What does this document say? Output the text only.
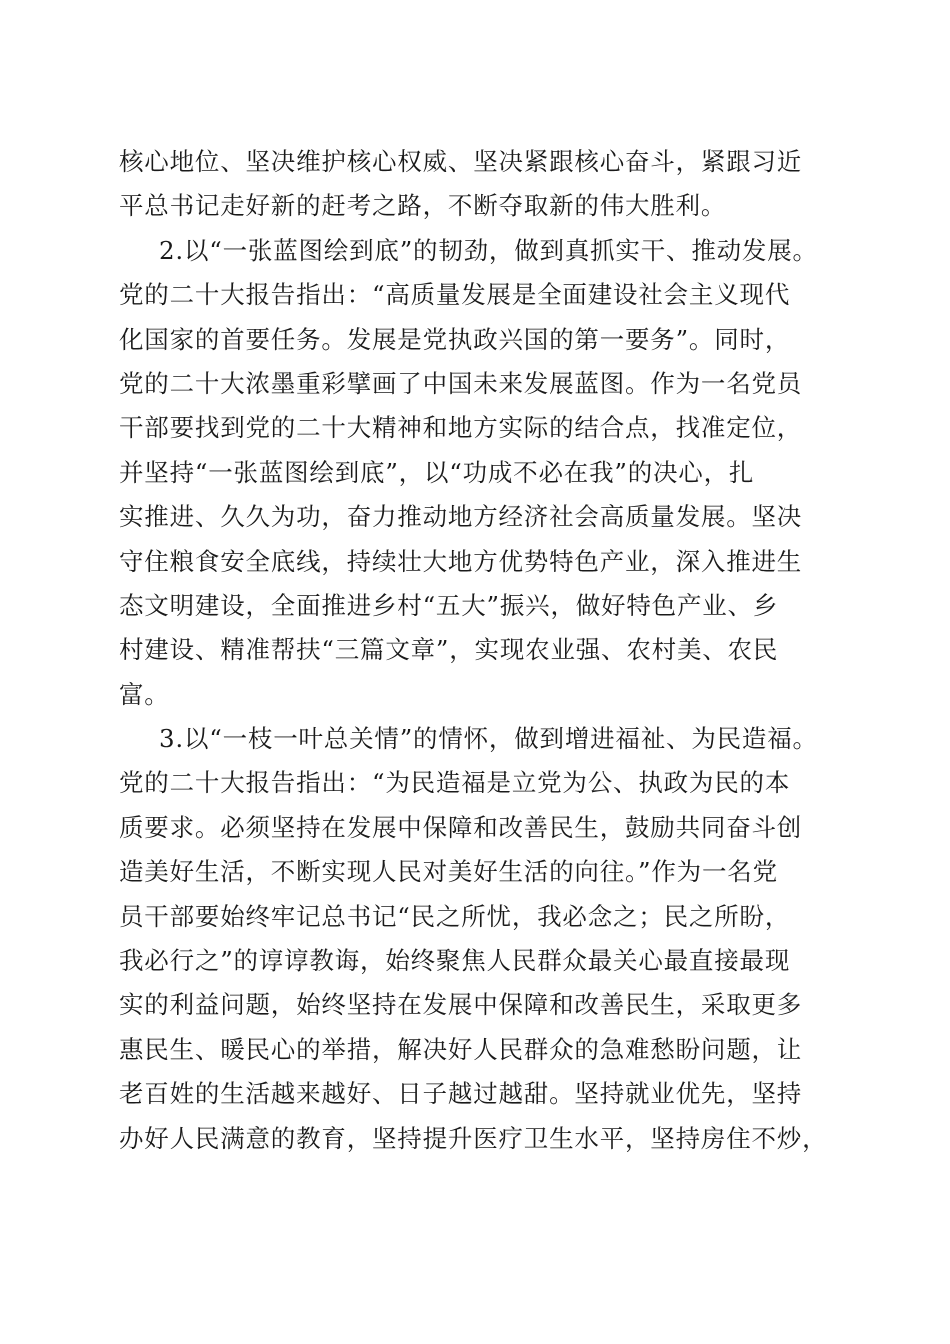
核心地位、坚决维护核心权威、坚决紧跟核心奋斗，紧跟习近
平总书记走好新的赶考之路，不断夺取新的伟大胜利。
2.以“一张蓝图绘到底”的韧劲，做到真抓实干、推动发展。
党的二十大报告指出：“高质量发展是全面建设社会主义现代
化国家的首要任务。发展是党执政兴国的第一要务”。同时，
党的二十大浓墨重彩擘画了中国未来发展蓝图。作为一名党员
干部要找到党的二十大精神和地方实际的结合点，找准定位，
并坚持“一张蓝图绘到底”，以“功成不必在我”的决心，扎
实推进、久久为功，奋力推动地方经济社会高质量发展。坚决
守住粮食安全底线，持续壮大地方优势特色产业，深入推进生
态文明建设，全面推进乡村“五大”振兴，做好特色产业、乡
村建设、精准帮扶“三篇文章”，实现农业强、农村美、农民
富。
3.以“一枝一叶总关情”的情怀，做到增进福祉、为民造福。
党的二十大报告指出：“为民造福是立党为公、执政为民的本
质要求。必须坚持在发展中保障和改善民生，鼓励共同奋斗创
造美好生活，不断实现人民对美好生活的向往。”作为一名党
员干部要始终牢记总书记“民之所忧，我必念之；民之所盼，
我必行之”的谆谆教诲，始终聚焦人民群众最关心最直接最现
实的利益问题，始终坚持在发展中保障和改善民生，采取更多
惠民生、暖民心的举措，解决好人民群众的急难愁盼问题，让
老百姓的生活越来越好、日子越过越甜。坚持就业优先，坚持
办好人民满意的教育，坚持提升医疗卫生水平，坚持房住不炒，
